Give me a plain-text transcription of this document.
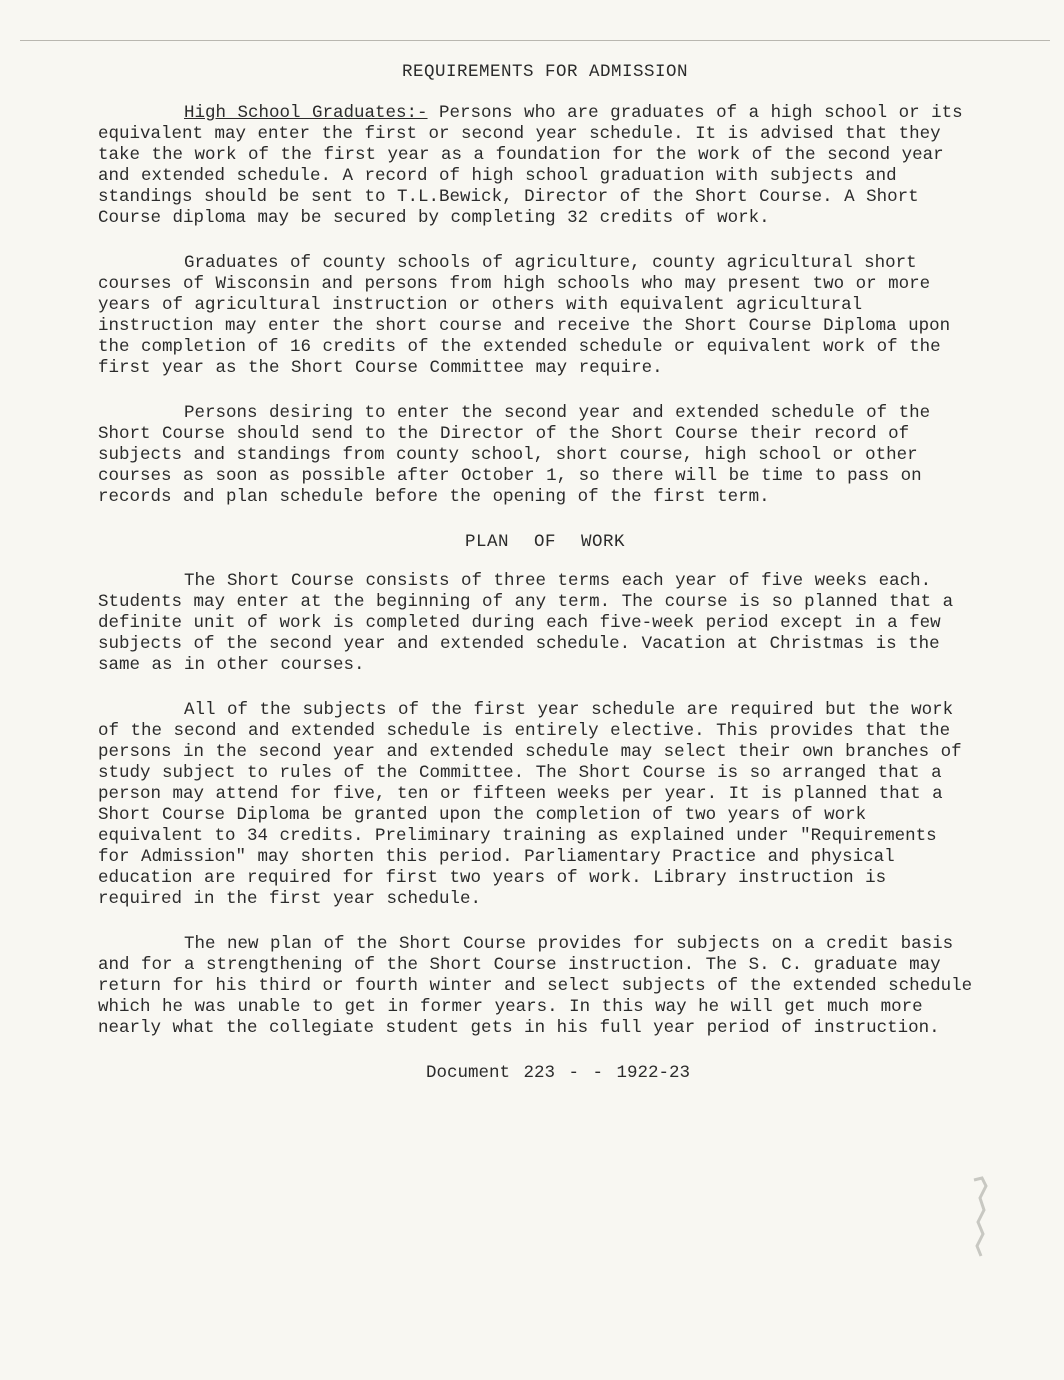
REQUIREMENTS FOR ADMISSION

High School Graduates:- Persons who are graduates of a high school or its equivalent may enter the first or second year schedule. It is advised that they take the work of the first year as a foundation for the work of the second year and extended schedule. A record of high school graduation with subjects and standings should be sent to T.L.Bewick, Director of the Short Course. A Short Course diploma may be secured by completing 32 credits of work.

Graduates of county schools of agriculture, county agricultural short courses of Wisconsin and persons from high schools who may present two or more years of agricultural instruction or others with equivalent agricultural instruction may enter the short course and receive the Short Course Diploma upon the completion of 16 credits of the extended schedule or equivalent work of the first year as the Short Course Committee may require.

Persons desiring to enter the second year and extended schedule of the Short Course should send to the Director of the Short Course their record of subjects and standings from county school, short course, high school or other courses as soon as possible after October 1, so there will be time to pass on records and plan schedule before the opening of the first term.

PLAN OF WORK

The Short Course consists of three terms each year of five weeks each. Students may enter at the beginning of any term. The course is so planned that a definite unit of work is completed during each five-week period except in a few subjects of the second year and extended schedule. Vacation at Christmas is the same as in other courses.

All of the subjects of the first year schedule are required but the work of the second and extended schedule is entirely elective. This provides that the persons in the second year and extended schedule may select their own branches of study subject to rules of the Committee. The Short Course is so arranged that a person may attend for five, ten or fifteen weeks per year. It is planned that a Short Course Diploma be granted upon the completion of two years of work equivalent to 34 credits. Preliminary training as explained under "Requirements for Admission" may shorten this period. Parliamentary Practice and physical education are required for first two years of work. Library instruction is required in the first year schedule.

The new plan of the Short Course provides for subjects on a credit basis and for a strengthening of the Short Course instruction. The S. C. graduate may return for his third or fourth winter and select subjects of the extended schedule which he was unable to get in former years. In this way he will get much more nearly what the collegiate student gets in his full year period of instruction.

Document 223 - - 1922-23
